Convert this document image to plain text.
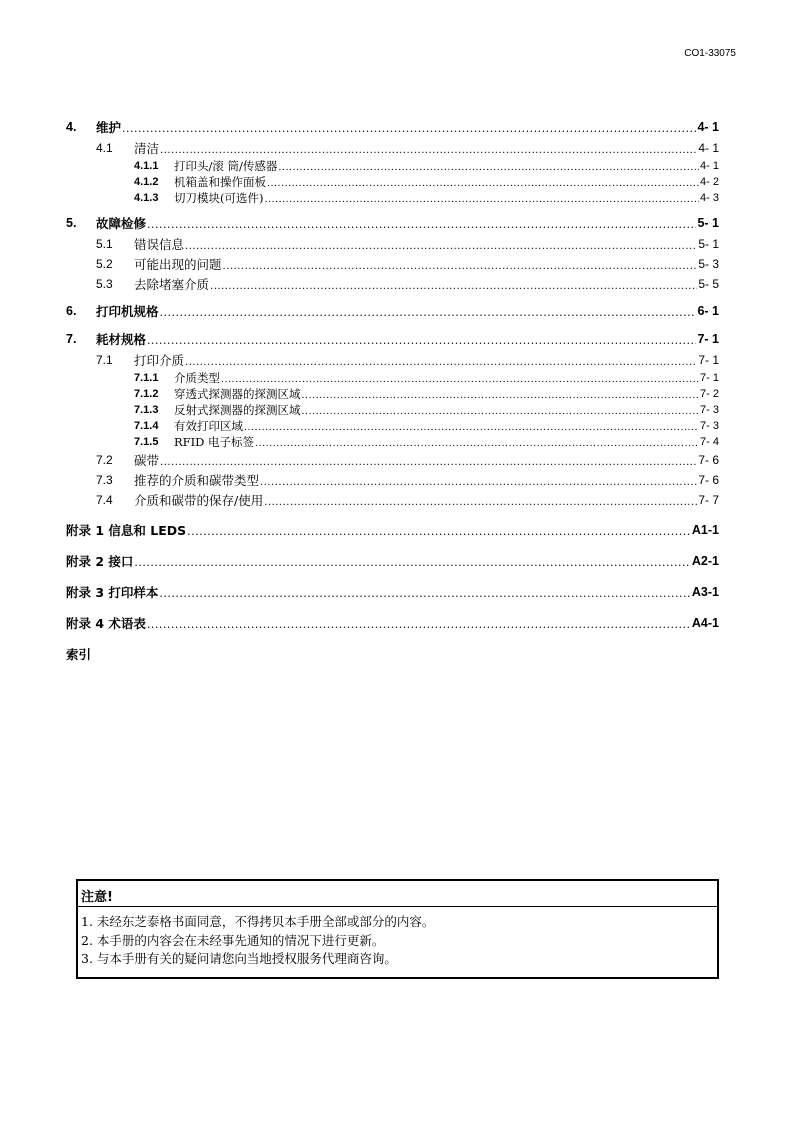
CO1-33075
4.	维护 .....	4- 1
4.1	清洁 .....	4- 1
4.1.1	打印头/滚 筒/传感器 .....	4- 1
4.1.2	机箱盖和操作面板 .....	4- 2
4.1.3	切刀模块(可选件) .....	4- 3
5.	故障检修 .....	5- 1
5.1	错误信息 .....	5- 1
5.2	可能出现的问题 .....	5- 3
5.3	去除堵塞介质 .....	5- 5
6.	打印机规格 .....	6- 1
7.	耗材规格 .....	7- 1
7.1	打印介质 .....	7- 1
7.1.1	介质类型 .....	7- 1
7.1.2	穿透式探测器的探测区域 .....	7- 2
7.1.3	反射式探测器的探测区域 .....	7- 3
7.1.4	有效打印区域 .....	7- 3
7.1.5	RFID 电子标签 .....	7- 4
7.2	碳带 .....	7- 6
7.3	推荐的介质和碳带类型 .....	7- 6
7.4	介质和碳带的保存/使用 .....	7- 7
附录 1 信息和 LEDS .....	A1-1
附录 2 接口 .....	A2-1
附录 3 打印样本 .....	A3-1
附录 4 术语表 .....	A4-1
索引
注意!
1. 未经东芝泰格书面同意，不得拷贝本手册全部或部分的内容。
2. 本手册的内容会在未经事先通知的情况下进行更新。
3. 与本手册有关的疑问请您向当地授权服务代理商咨询。
